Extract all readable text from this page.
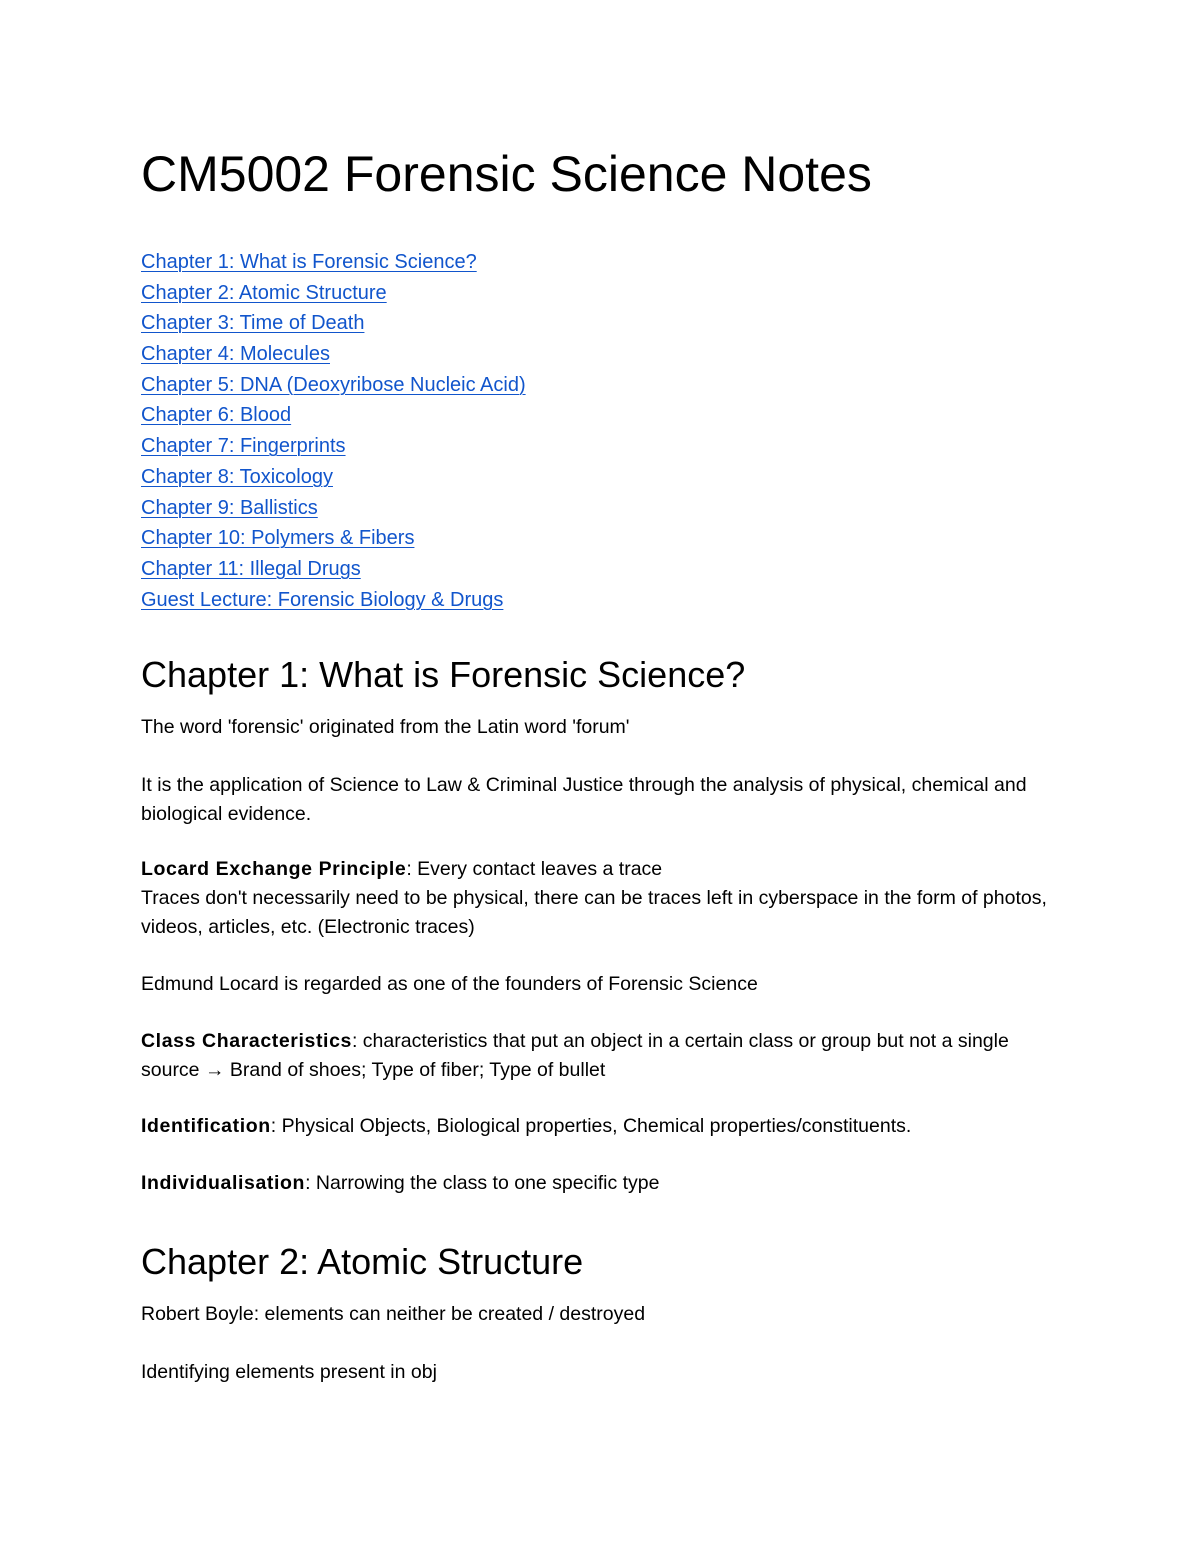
CM5002 Forensic Science Notes
Chapter 1: What is Forensic Science?
Chapter 2: Atomic Structure
Chapter 3: Time of Death
Chapter 4: Molecules
Chapter 5: DNA (Deoxyribose Nucleic Acid)
Chapter 6: Blood
Chapter 7: Fingerprints
Chapter 8: Toxicology
Chapter 9: Ballistics
Chapter 10: Polymers & Fibers
Chapter 11: Illegal Drugs
Guest Lecture: Forensic Biology & Drugs
Chapter 1: What is Forensic Science?

The word 'forensic' originated from the Latin word 'forum'

It is the application of Science to Law & Criminal Justice through the analysis of physical, chemical and biological evidence.

Locard Exchange Principle: Every contact leaves a trace

Traces don't necessarily need to be physical, there can be traces left in cyberspace in the form of photos, videos, articles, etc. (Electronic traces)

Edmund Locard is regarded as one of the founders of Forensic Science

Class Characteristics: characteristics that put an object in a certain class or group but not a single source → Brand of shoes; Type of fiber; Type of bullet

Identification: Physical Objects, Biological properties, Chemical properties/constituents.

Individualisation: Narrowing the class to one specific type

Chapter 2: Atomic Structure

Robert Boyle: elements can neither be created / destroyed

Identifying elements present in obj
